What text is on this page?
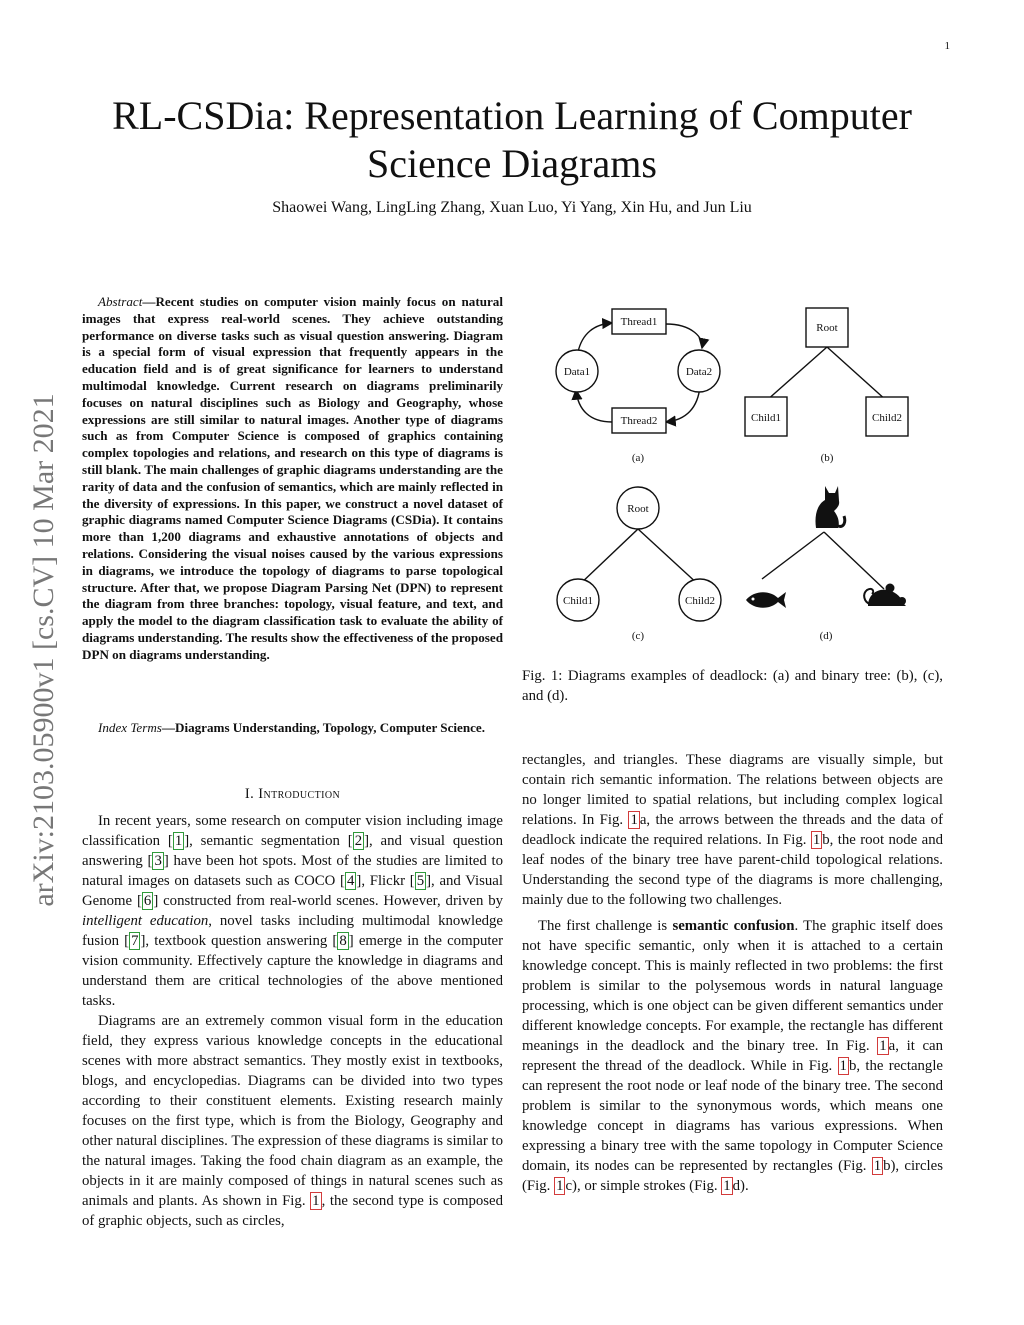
1
RL-CSDia: Representation Learning of Computer Science Diagrams
Shaowei Wang, LingLing Zhang, Xuan Luo, Yi Yang, Xin Hu, and Jun Liu
arXiv:2103.05900v1 [cs.CV] 10 Mar 2021

Abstract—Recent studies on computer vision mainly focus on natural images that express real-world scenes. They achieve outstanding performance on diverse tasks such as visual question answering. Diagram is a special form of visual expression that frequently appears in the education field and is of great significance for learners to understand multimodal knowledge. Current research on diagrams preliminarily focuses on natural disciplines such as Biology and Geography, whose expressions are still similar to natural images. Another type of diagrams such as from Computer Science is composed of graphics containing complex topologies and relations, and research on this type of diagrams is still blank. The main challenges of graphic diagrams understanding are the rarity of data and the confusion of semantics, which are mainly reflected in the diversity of expressions. In this paper, we construct a novel dataset of graphic diagrams named Computer Science Diagrams (CSDia). It contains more than 1,200 diagrams and exhaustive annotations of objects and relations. Considering the visual noises caused by the various expressions in diagrams, we introduce the topology of diagrams to parse topological structure. After that, we propose Diagram Parsing Net (DPN) to represent the diagram from three branches: topology, visual feature, and text, and apply the model to the diagram classification task to evaluate the ability of diagrams understanding. The results show the effectiveness of the proposed DPN on diagrams understanding.

Index Terms—Diagrams Understanding, Topology, Computer Science.

I. Introduction

In recent years, some research on computer vision including image classification [ 1 ], semantic segmentation [ 2 ], and visual question answering [ 3 ] have been hot spots. Most of the studies are limited to natural images on datasets such as COCO [ 4 ], Flickr [ 5 ], and Visual Genome [ 6 ] constructed from real-world scenes. However, driven by intelligent education, novel tasks including multimodal knowledge fusion [ 7 ], textbook question answering [ 8 ] emerge in the computer vision community. Effectively capture the knowledge in diagrams and understand them are critical technologies of the above mentioned tasks.

Diagrams are an extremely common visual form in the education field, they express various knowledge concepts in the educational scenes with more abstract semantics. They mostly exist in textbooks, blogs, and encyclopedias. Diagrams can be divided into two types according to their constituent elements. Existing research mainly focuses on the first type, which is from the Biology, Geography and other natural disciplines. The expression of these diagrams is similar to the natural images. Taking the food chain diagram as an example, the objects in it are mainly composed of things in natural scenes such as animals and plants. As shown in Fig. 1 , the second type is composed of graphic objects, such as circles,

Thread1
Thread2
Data1	Data2
(a)
Root
Child1	Child2
(b)
Root
Child1	Child2
(c)	(d)

Fig. 1: Diagrams examples of deadlock: (a) and binary tree: (b), (c), and (d).

rectangles, and triangles. These diagrams are visually simple, but contain rich semantic information. The relations between objects are no longer limited to spatial relations, but including complex logical relations. In Fig. 1 a, the arrows between the threads and the data of deadlock indicate the required relations. In Fig. 1 b, the root node and leaf nodes of the binary tree have parent-child topological relations. Understanding the second type of the diagrams is more challenging, mainly due to the following two challenges.

The first challenge is semantic confusion. The graphic itself does not have specific semantic, only when it is attached to a certain knowledge concept. This is mainly reflected in two problems: the first problem is similar to the polysemous words in natural language processing, which is one object can be given different semantics under different knowledge concepts. For example, the rectangle has different meanings in the deadlock and the binary tree. In Fig. 1 a, it can represent the thread of the deadlock. While in Fig. 1 b, the rectangle can represent the root node or leaf node of the binary tree. The second problem is similar to the synonymous words, which means one knowledge concept in diagrams has various expressions. When expressing a binary tree with the same topology in Computer Science domain, its nodes can be represented by rectangles (Fig. 1 b), circles (Fig. 1 c), or simple strokes (Fig. 1 d).
